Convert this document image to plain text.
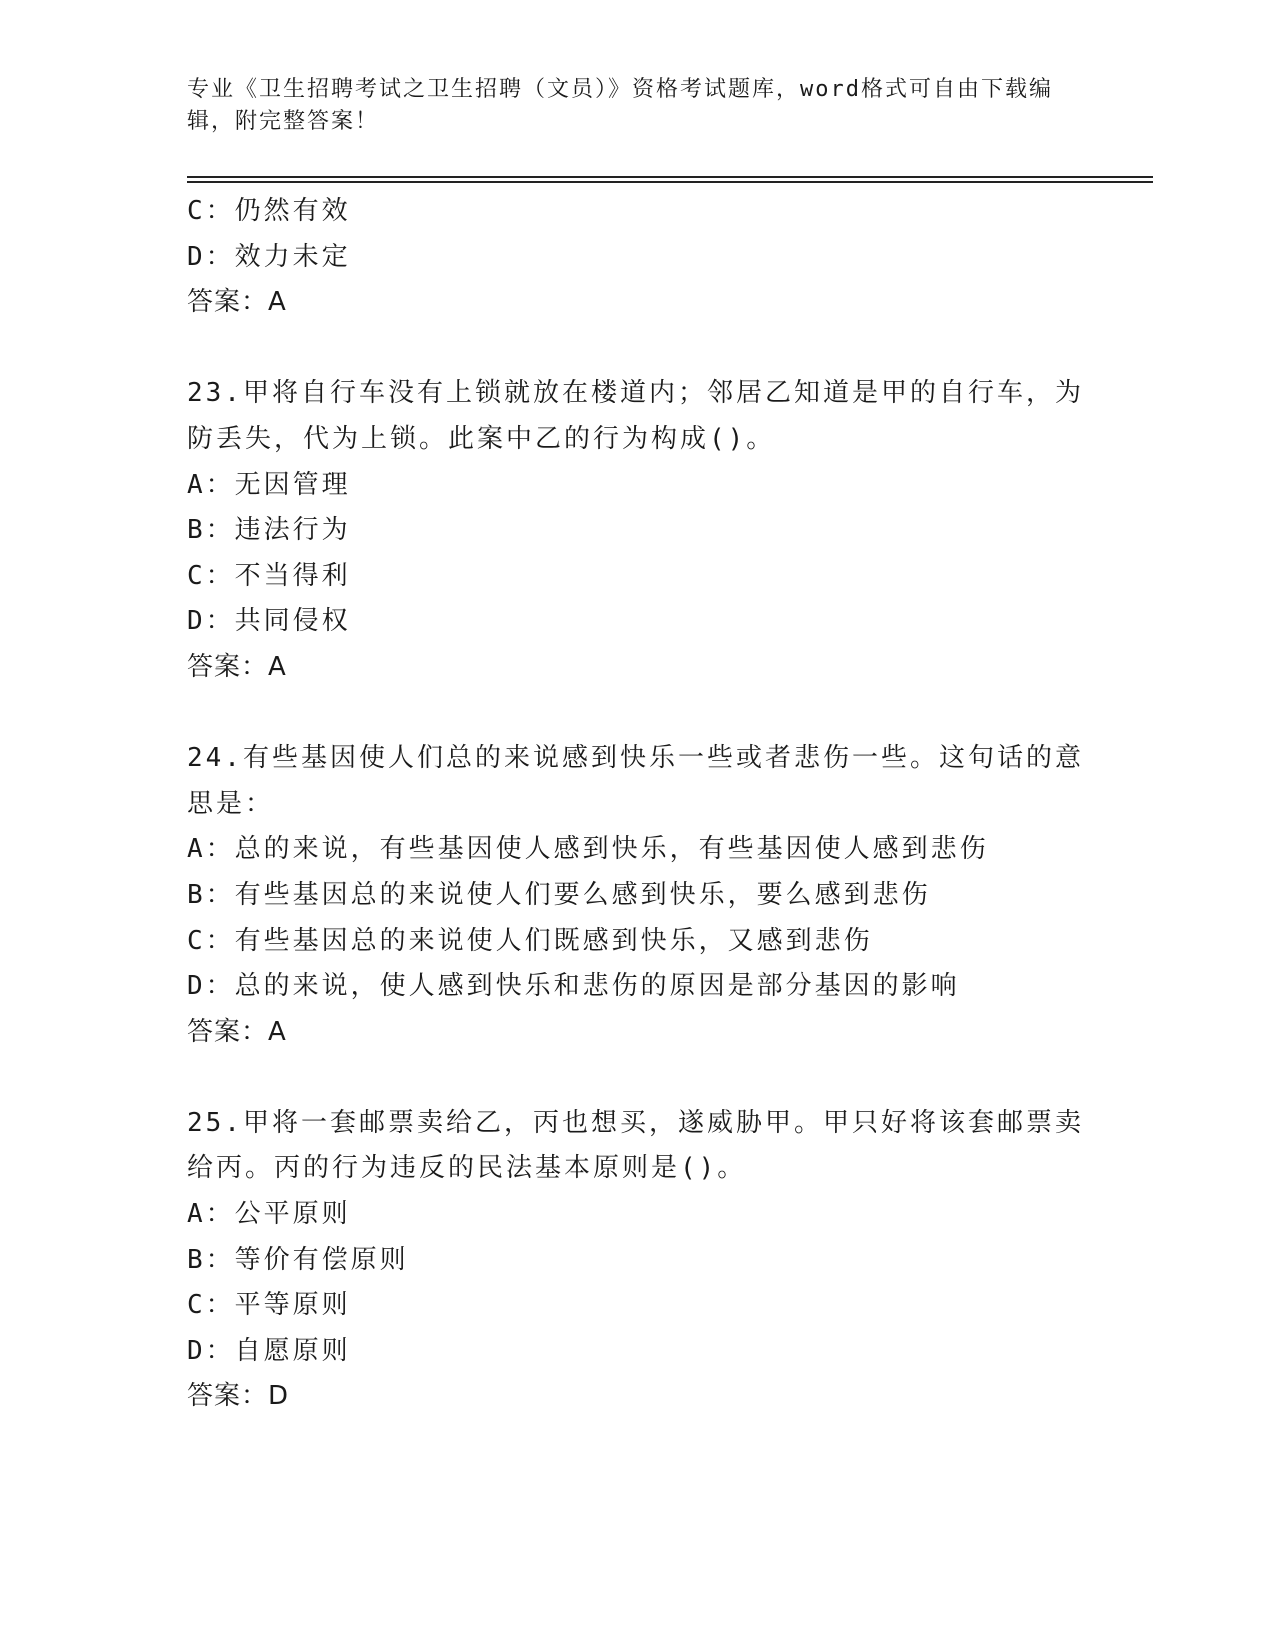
专业《卫生招聘考试之卫生招聘（文员）》资格考试题库，word格式可自由下载编辑，附完整答案！
C：仍然有效
D：效力未定
答案：A
23.甲将自行车没有上锁就放在楼道内；邻居乙知道是甲的自行车，为
防丢失，代为上锁。此案中乙的行为构成()。
A：无因管理
B：违法行为
C：不当得利
D：共同侵权
答案：A
24.有些基因使人们总的来说感到快乐一些或者悲伤一些。这句话的意
思是：
A：总的来说，有些基因使人感到快乐，有些基因使人感到悲伤
B：有些基因总的来说使人们要么感到快乐，要么感到悲伤
C：有些基因总的来说使人们既感到快乐，又感到悲伤
D：总的来说，使人感到快乐和悲伤的原因是部分基因的影响
答案：A
25.甲将一套邮票卖给乙，丙也想买，遂威胁甲。甲只好将该套邮票卖
给丙。丙的行为违反的民法基本原则是()。
A：公平原则
B：等价有偿原则
C：平等原则
D：自愿原则
答案：D
